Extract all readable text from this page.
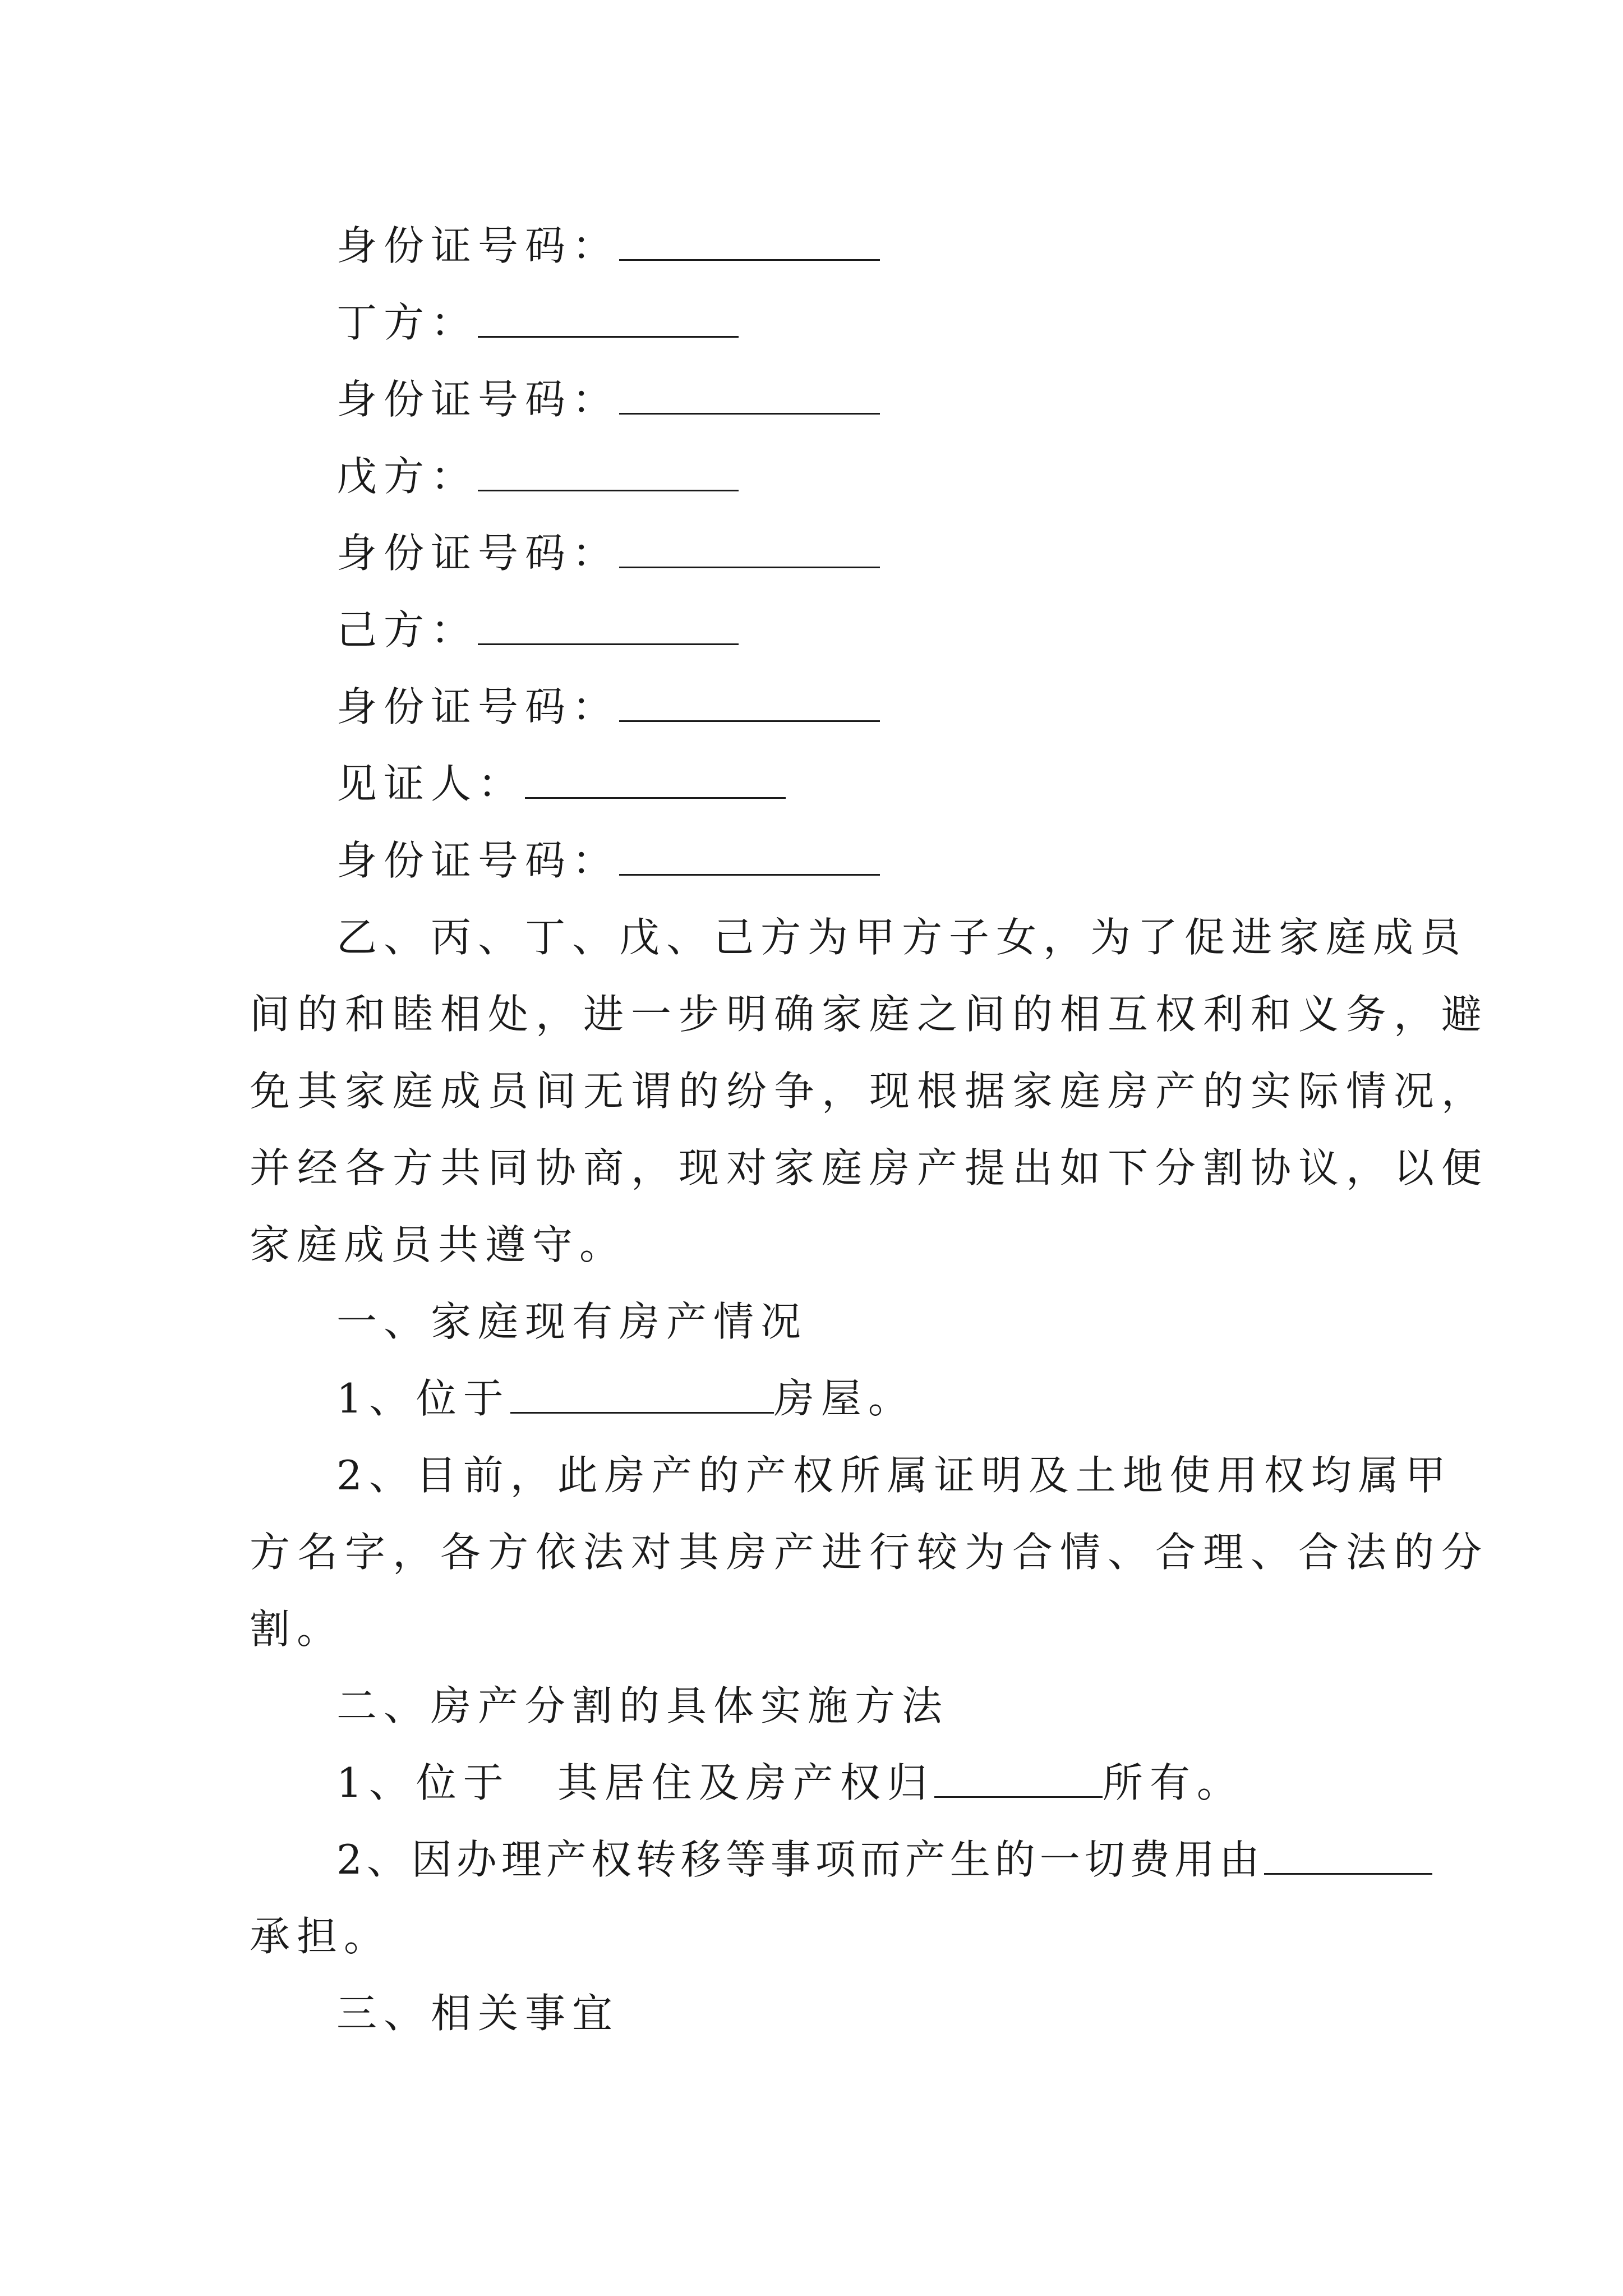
身份证号码：
丁方：
身份证号码：
戊方：
身份证号码：
己方：
身份证号码：
见证人：
身份证号码：
乙、丙、丁、戊、己方为甲方子女，为了促进家庭成员
间的和睦相处，进一步明确家庭之间的相互权利和义务，避
免其家庭成员间无谓的纷争，现根据家庭房产的实际情况，
并经各方共同协商，现对家庭房产提出如下分割协议，以便
家庭成员共遵守。
一、家庭现有房产情况
1、位于	房屋。
2、目前，此房产的产权所属证明及土地使用权均属甲
方名字，各方依法对其房产进行较为合情、合理、合法的分
割。
二、房产分割的具体实施方法
1、位于　其居住及房产权归	所有。
2、因办理产权转移等事项而产生的一切费用由
承担。
三、相关事宜
